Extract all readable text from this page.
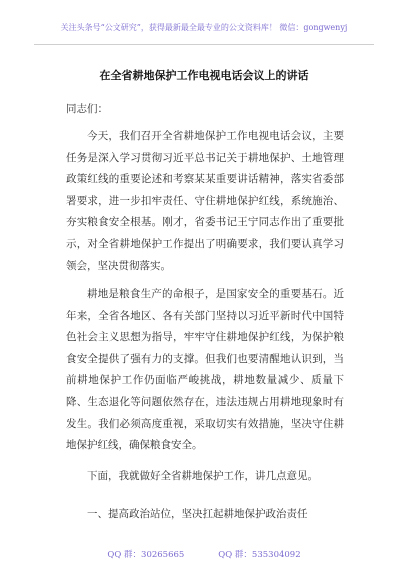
关注头条号“公文研究”，获得最新最全最专业的公文资料库！ 微信：gongwenyj
在全省耕地保护工作电视电话会议上的讲话
同志们：

今天，我们召开全省耕地保护工作电视电话会议，主要任务是深入学习贯彻习近平总书记关于耕地保护、土地管理政策红线的重要论述和考察某某重要讲话精神，落实省委部署要求，进一步扣牢责任、守住耕地保护红线，系统施治、夯实粮食安全根基。刚才，省委书记王宁同志作出了重要批示，对全省耕地保护工作提出了明确要求，我们要认真学习领会，坚决贯彻落实。

耕地是粮食生产的命根子，是国家安全的重要基石。近年来，全省各地区、各有关部门坚持以习近平新时代中国特色社会主义思想为指导，牢牢守住耕地保护红线，为保护粮食安全提供了强有力的支撑。但我们也要清醒地认识到，当前耕地保护工作仍面临严峻挑战，耕地数量减少、质量下降、生态退化等问题依然存在，违法违规占用耕地现象时有发生。我们必须高度重视，采取切实有效措施，坚决守住耕地保护红线，确保粮食安全。

下面，我就做好全省耕地保护工作，讲几点意见。

一、提高政治站位，坚决扛起耕地保护政治责任

QQ 群：30265665	QQ 群：535304092
